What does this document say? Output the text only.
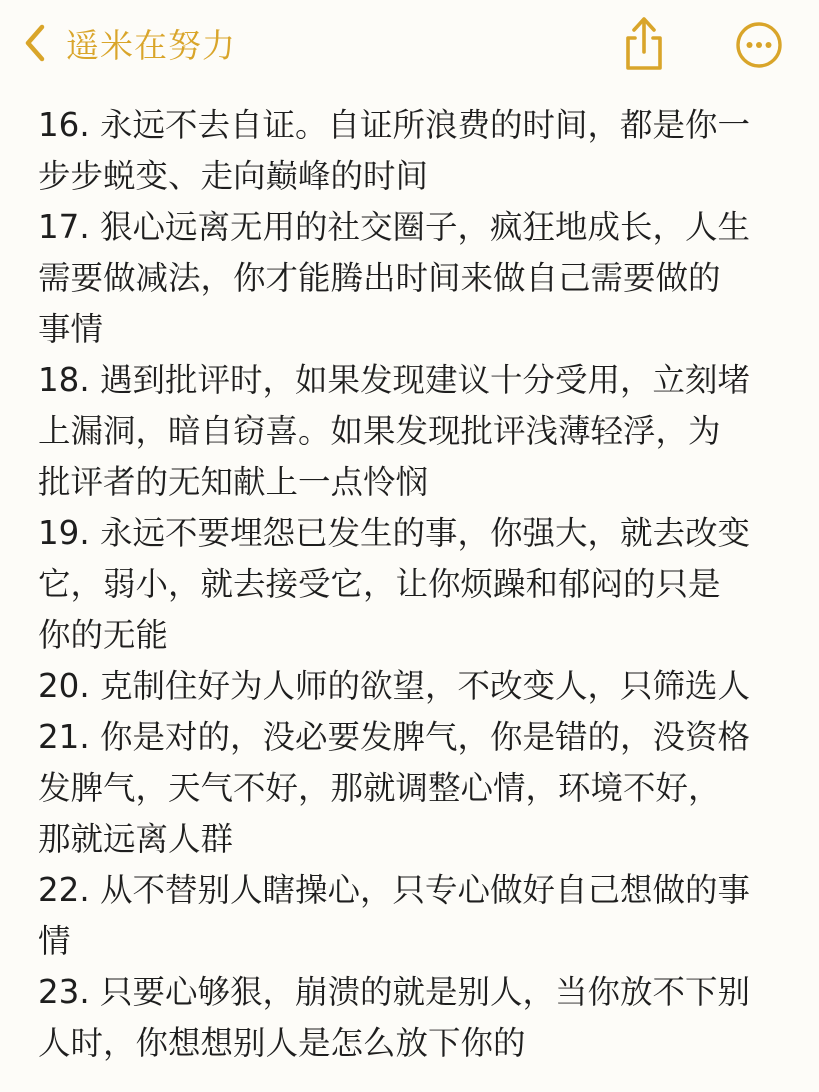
遥米在努力
16. 永远不去自证。自证所浪费的时间，都是你一
步步蜕变、走向巅峰的时间
17. 狠心远离无用的社交圈子，疯狂地成长，人生
需要做减法，你才能腾出时间来做自己需要做的
事情
18. 遇到批评时，如果发现建议十分受用，立刻堵
上漏洞，暗自窃喜。如果发现批评浅薄轻浮，为
批评者的无知献上一点怜悯
19. 永远不要埋怨已发生的事，你强大，就去改变
它，弱小，就去接受它，让你烦躁和郁闷的只是
你的无能
20. 克制住好为人师的欲望，不改变人，只筛选人
21. 你是对的，没必要发脾气，你是错的，没资格
发脾气，天气不好，那就调整心情，环境不好，
那就远离人群
22. 从不替别人瞎操心，只专心做好自己想做的事
情
23. 只要心够狠，崩溃的就是别人，当你放不下别
人时，你想想别人是怎么放下你的
